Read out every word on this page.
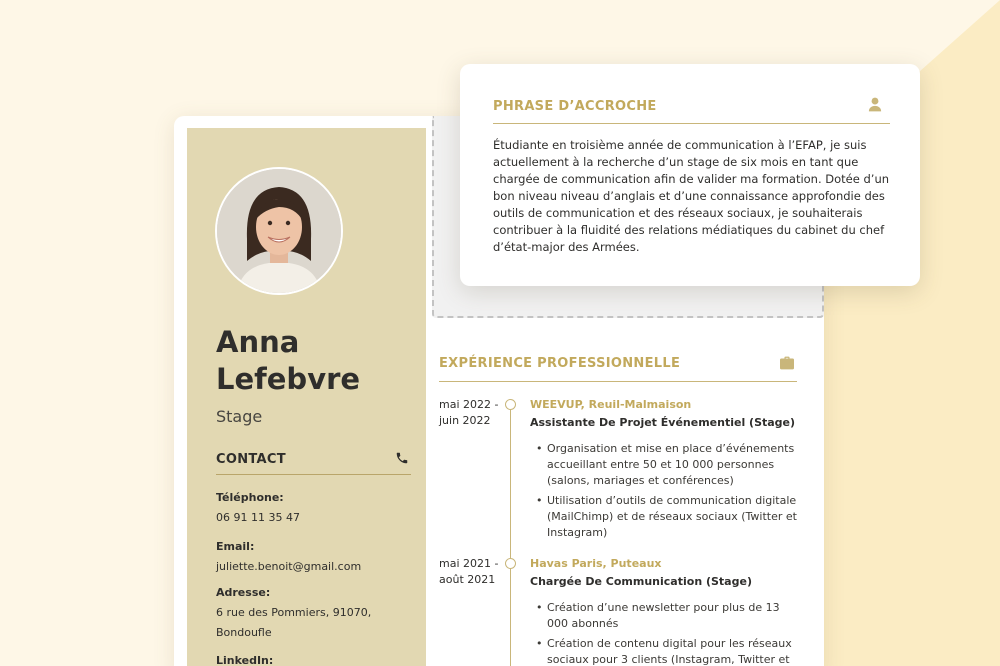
Anna
Lefebvre
Stage
CONTACT
Téléphone:
06 91 11 35 47
Email:
juliette.benoit@gmail.com
Adresse:
6 rue des Pommiers, 91070, Bondoufle
LinkedIn:
EXPÉRIENCE PROFESSIONNELLE
mai 2022 -
juin 2022
WEEVUP, Reuil-Malmaison
Assistante De Projet Événementiel (Stage)
• Organisation et mise en place d’événements accueillant entre 50 et 10 000 personnes (salons, mariages et conférences)
• Utilisation d’outils de communication digitale (MailChimp) et de réseaux sociaux (Twitter et Instagram)
mai 2021 -
août 2021
Havas Paris, Puteaux
Chargée De Communication (Stage)
• Création d’une newsletter pour plus de 13 000 abonnés
• Création de contenu digital pour les réseaux sociaux pour 3 clients (Instagram, Twitter et
PHRASE D’ACCROCHE
Étudiante en troisième année de communication à l’EFAP, je suis actuellement à la recherche d’un stage de six mois en tant que chargée de communication afin de valider ma formation. Dotée d’un bon niveau niveau d’anglais et d’une connaissance approfondie des outils de communication et des réseaux sociaux, je souhaiterais contribuer à la fluidité des relations médiatiques du cabinet du chef d’état-major des Armées.
